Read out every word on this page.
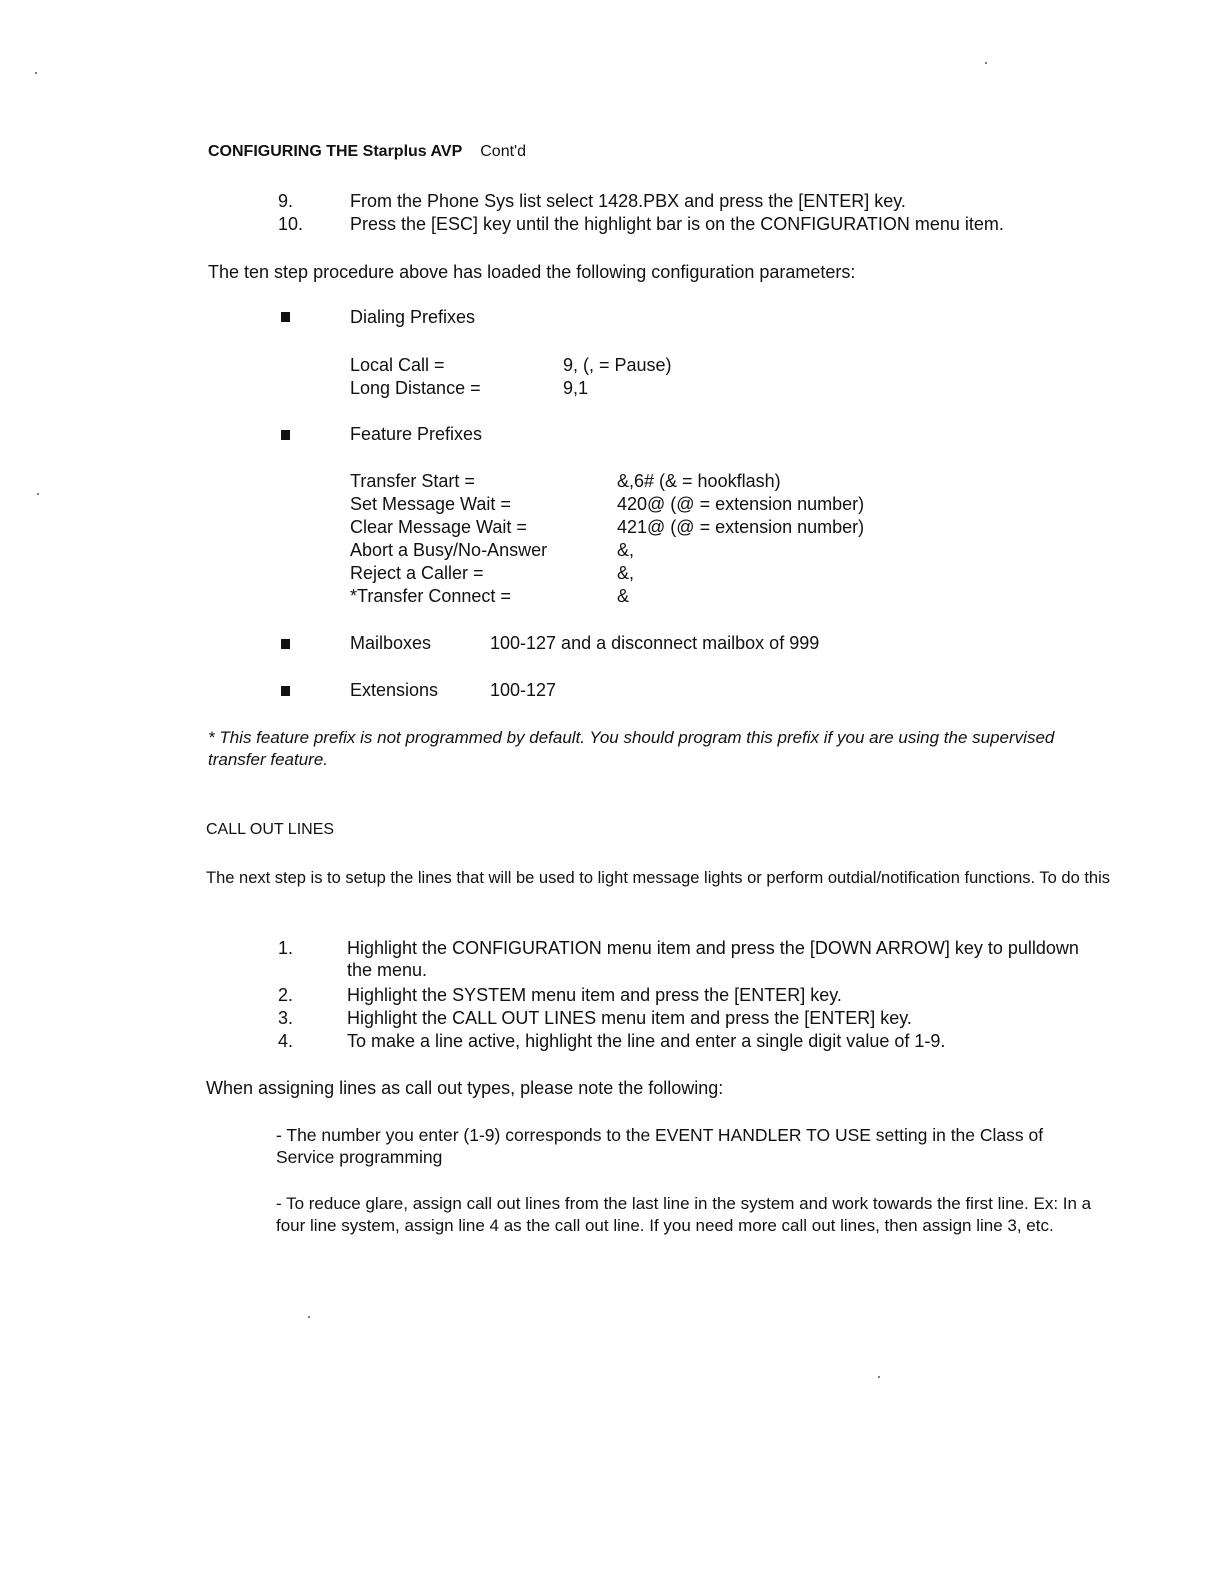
CONFIGURING THE Starplus AVP Cont'd
9.	From the Phone Sys list select 1428.PBX and press the [ENTER] key.
10.	Press the [ESC] key until the highlight bar is on the CONFIGURATION menu item.
The ten step procedure above has loaded the following configuration parameters:
Dialing Prefixes
Local Call =	9, (, = Pause)
Long Distance =	9,1
Feature Prefixes
Transfer Start =	&,6# (& = hookflash)
Set Message Wait =	420@ (@ = extension number)
Clear Message Wait =	421@ (@ = extension number)
Abort a Busy/No-Answer	&,
Reject a Caller =	&,
*Transfer Connect =	&
Mailboxes	100-127 and a disconnect mailbox of 999
Extensions	100-127
* This feature prefix is not programmed by default. You should program this prefix if you are using the supervised transfer feature.
CALL OUT LINES
The next step is to setup the lines that will be used to light message lights or perform outdial/notification functions. To do this
1.	Highlight the CONFIGURATION menu item and press the [DOWN ARROW] key to pulldown the menu.
2.	Highlight the SYSTEM menu item and press the [ENTER] key.
3.	Highlight the CALL OUT LINES menu item and press the [ENTER] key.
4.	To make a line active, highlight the line and enter a single digit value of 1-9.
When assigning lines as call out types, please note the following:
- The number you enter (1-9) corresponds to the EVENT HANDLER TO USE setting in the Class of Service programming
- To reduce glare, assign call out lines from the last line in the system and work towards the first line. Ex: In a four line system, assign line 4 as the call out line. If you need more call out lines, then assign line 3, etc.
